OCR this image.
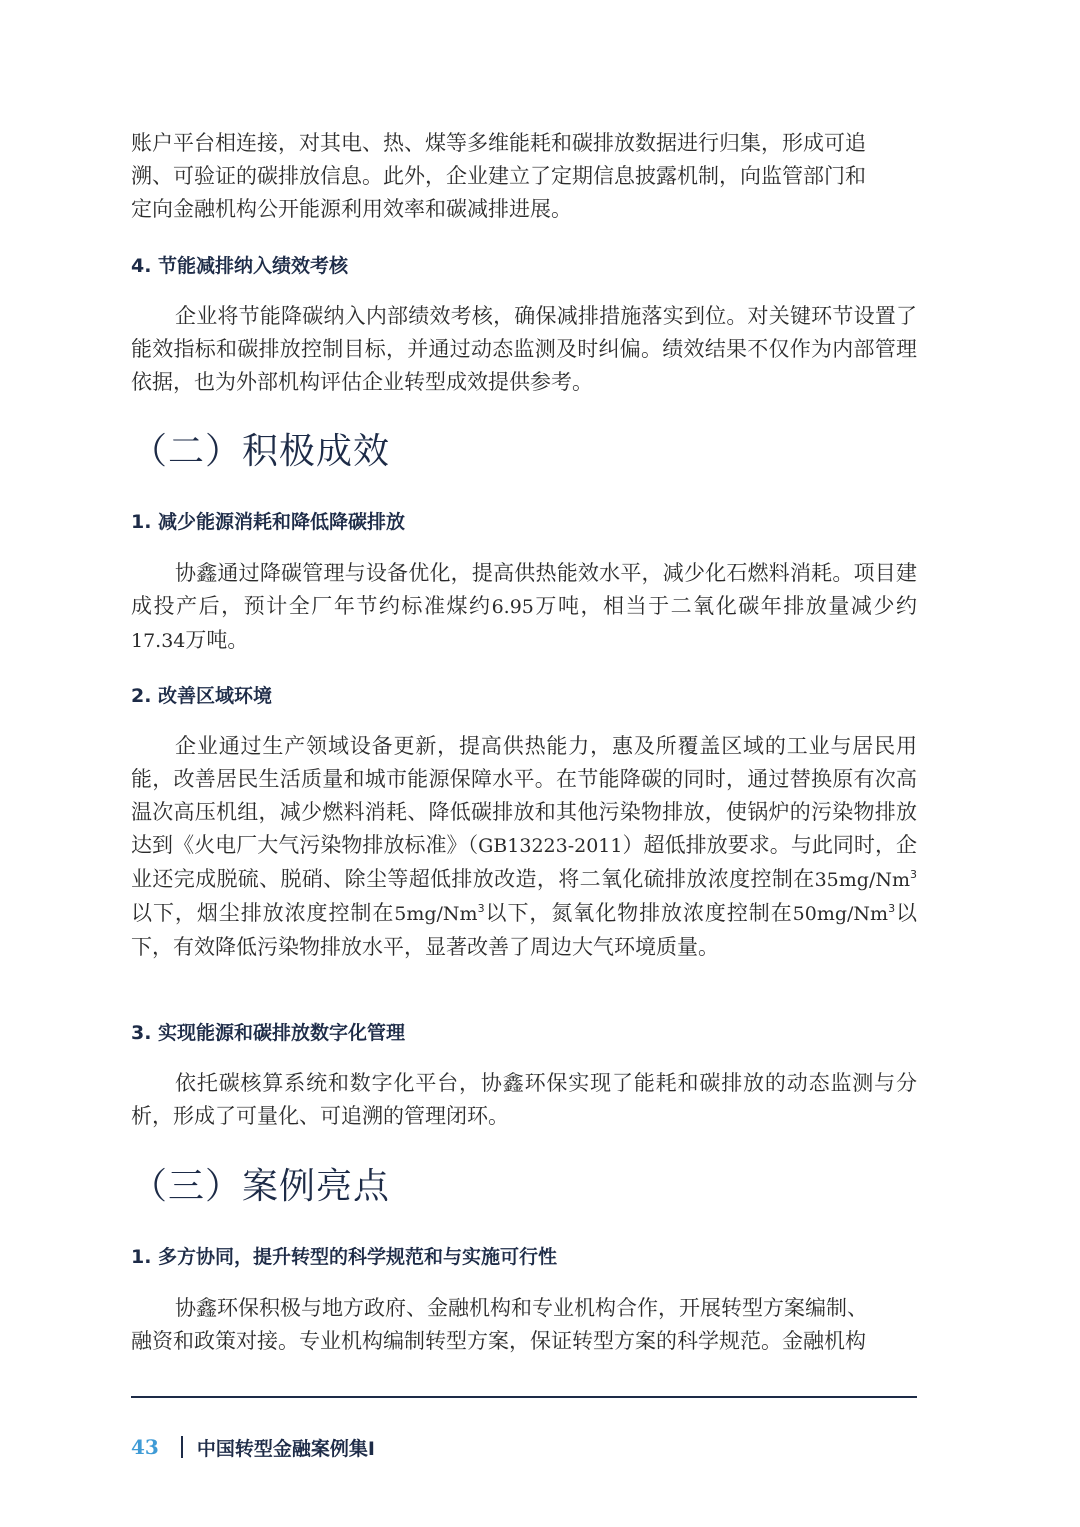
账户平台相连接，对其电、热、煤等多维能耗和碳排放数据进行归集，形成可追
溯、可验证的碳排放信息。此外，企业建立了定期信息披露机制，向监管部门和
定向金融机构公开能源利用效率和碳减排进展。
4. 节能减排纳入绩效考核

企业将节能降碳纳入内部绩效考核，确保减排措施落实到位。对关键环节设置了能效指标和碳排放控制目标，并通过动态监测及时纠偏。绩效结果不仅作为内部管理依据，也为外部机构评估企业转型成效提供参考。

（二）积极成效
1. 减少能源消耗和降低降碳排放

协鑫通过降碳管理与设备优化，提高供热能效水平，减少化石燃料消耗。项目建成投产后，预计全厂年节约标准煤约6.95万吨，相当于二氧化碳年排放量减少约17.34万吨。

2. 改善区域环境

企业通过生产领域设备更新，提高供热能力，惠及所覆盖区域的工业与居民用能，改善居民生活质量和城市能源保障水平。在节能降碳的同时，通过替换原有次高温次高压机组，减少燃料消耗、降低碳排放和其他污染物排放，使锅炉的污染物排放达到《火电厂大气污染物排放标准》（GB13223-2011）超低排放要求。与此同时，企业还完成脱硫、脱硝、除尘等超低排放改造，将二氧化硫排放浓度控制在35mg/Nm$^3$以下，烟尘排放浓度控制在5mg/Nm$^3$以下，氮氧化物排放浓度控制在50mg/Nm$^3$以下，有效降低污染物排放水平，显著改善了周边大气环境质量。

3. 实现能源和碳排放数字化管理

依托碳核算系统和数字化平台，协鑫环保实现了能耗和碳排放的动态监测与分析，形成了可量化、可追溯的管理闭环。

（三）案例亮点
1. 多方协同，提升转型的科学规范和与实施可行性
协鑫环保积极与地方政府、金融机构和专业机构合作，开展转型方案编制、
融资和政策对接。专业机构编制转型方案，保证转型方案的科学规范。金融机构
43 中国转型金融案例集I
